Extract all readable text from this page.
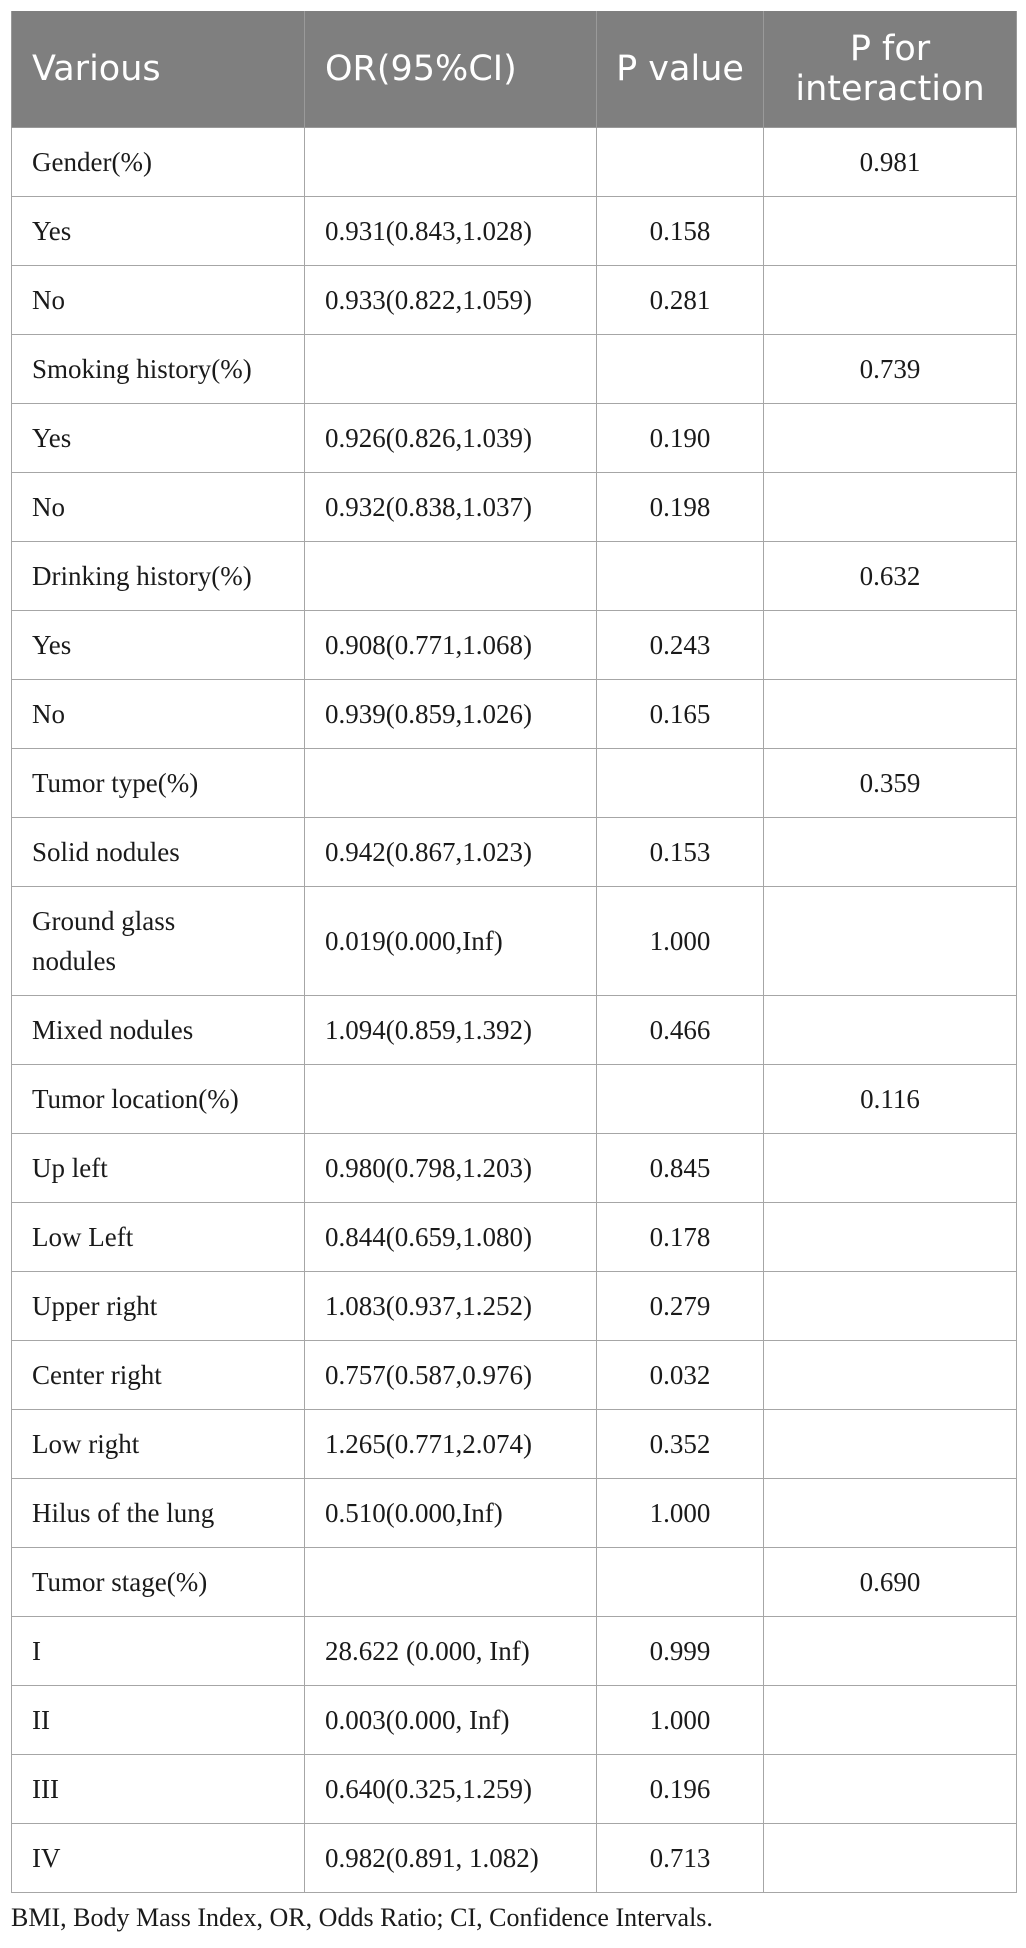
Various	OR(95%CI)	P value	P for
interaction
Gender(%)			0.981
Yes	0.931(0.843,1.028)	0.158	
No	0.933(0.822,1.059)	0.281	
Smoking history(%)			0.739
Yes	0.926(0.826,1.039)	0.190	
No	0.932(0.838,1.037)	0.198	
Drinking history(%)			0.632
Yes	0.908(0.771,1.068)	0.243	
No	0.939(0.859,1.026)	0.165	
Tumor type(%)			0.359
Solid nodules	0.942(0.867,1.023)	0.153	
Ground glass
nodules	0.019(0.000,Inf)	1.000	
Mixed nodules	1.094(0.859,1.392)	0.466	
Tumor location(%)			0.116
Up left	0.980(0.798,1.203)	0.845	
Low Left	0.844(0.659,1.080)	0.178	
Upper right	1.083(0.937,1.252)	0.279	
Center right	0.757(0.587,0.976)	0.032	
Low right	1.265(0.771,2.074)	0.352	
Hilus of the lung	0.510(0.000,Inf)	1.000	
Tumor stage(%)			0.690
I	28.622 (0.000, Inf)	0.999	
II	0.003(0.000, Inf)	1.000	
III	0.640(0.325,1.259)	0.196	
IV	0.982(0.891, 1.082)	0.713	
BMI, Body Mass Index, OR, Odds Ratio; CI, Confidence Intervals.
